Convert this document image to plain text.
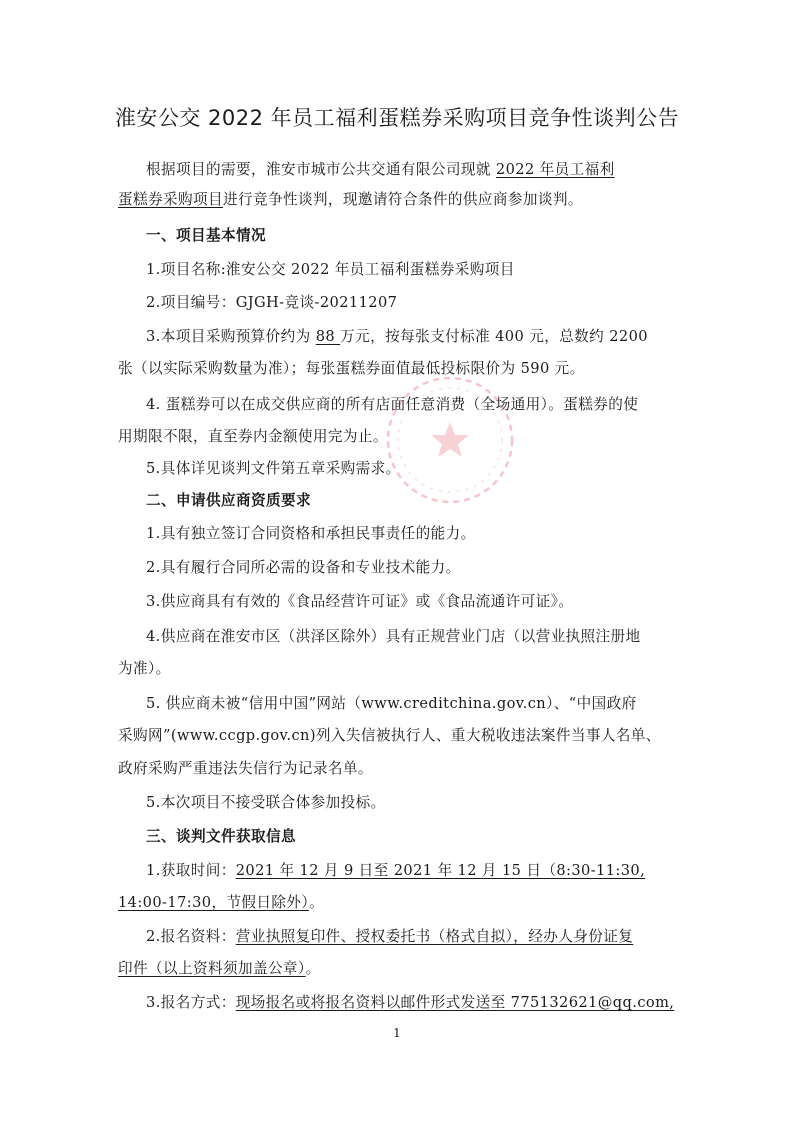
淮安公交 2022 年员工福利蛋糕券采购项目竞争性谈判公告
根据项目的需要，淮安市城市公共交通有限公司现就 2022 年员工福利
蛋糕券采购项目进行竞争性谈判，现邀请符合条件的供应商参加谈判。
一、项目基本情况
1.项目名称:淮安公交 2022 年员工福利蛋糕券采购项目
2.项目编号：GJGH-竞谈-20211207
3.本项目采购预算价约为 88 万元，按每张支付标准 400 元，总数约 2200
张（以实际采购数量为准）；每张蛋糕券面值最低投标限价为 590 元。
4. 蛋糕券可以在成交供应商的所有店面任意消费（全场通用）。蛋糕券的使
用期限不限，直至券内金额使用完为止。
5.具体详见谈判文件第五章采购需求。
二、申请供应商资质要求
1.具有独立签订合同资格和承担民事责任的能力。
2.具有履行合同所必需的设备和专业技术能力。
3.供应商具有有效的《食品经营许可证》或《食品流通许可证》。
4.供应商在淮安市区（洪泽区除外）具有正规营业门店（以营业执照注册地
为准）。
5. 供应商未被“信用中国”网站（www.creditchina.gov.cn）、“中国政府
采购网”(www.ccgp.gov.cn)列入失信被执行人、重大税收违法案件当事人名单、
政府采购严重违法失信行为记录名单。
5.本次项目不接受联合体参加投标。
三、谈判文件获取信息
1.获取时间：2021 年 12 月 9 日至 2021 年 12 月 15 日（8:30-11:30,
14:00-17:30，节假日除外）。
2.报名资料：营业执照复印件、授权委托书（格式自拟），经办人身份证复
印件（以上资料须加盖公章）。
3.报名方式：现场报名或将报名资料以邮件形式发送至 775132621@qq.com,
1
